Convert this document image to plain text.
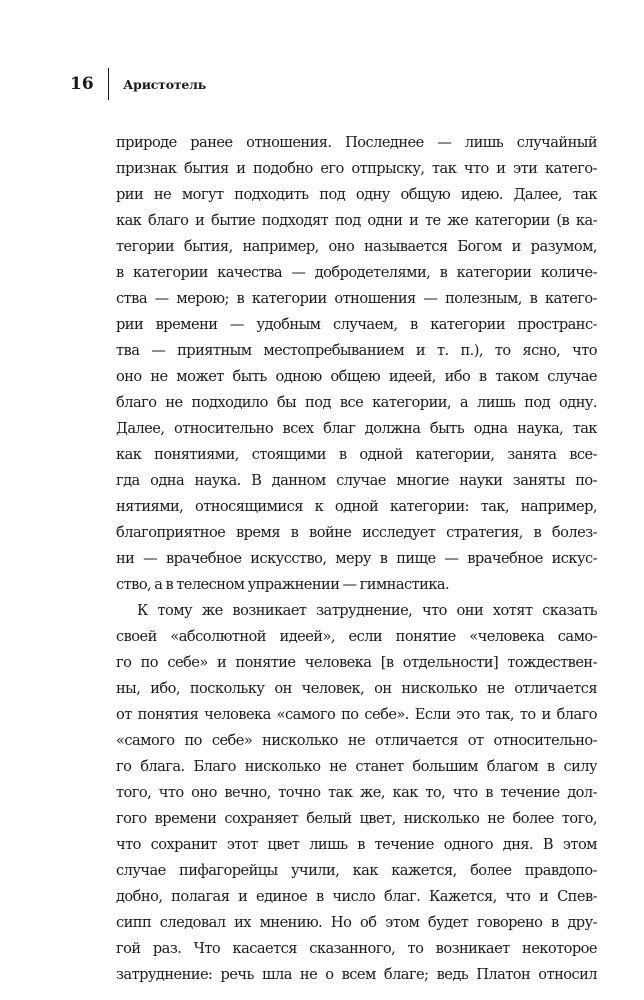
16 Аристотель
природе ранее отношения. Последнее — лишь случайный
признак бытия и подобно его отпрыску, так что и эти катего-
рии не могут подходить под одну общую идею. Далее, так
как благо и бытие подходят под одни и те же категории (в ка-
тегории бытия, например, оно называется Богом и разумом,
в категории качества — добродетелями, в категории количе-
ства — мерою; в категории отношения — полезным, в катего-
рии времени — удобным случаем, в категории пространс-
тва — приятным местопребыванием и т. п.), то ясно, что
оно не может быть одною общею идеей, ибо в таком случае
благо не подходило бы под все категории, а лишь под одну.
Далее, относительно всех благ должна быть одна наука, так
как понятиями, стоящими в одной категории, занята все-
гда одна наука. В данном случае многие науки заняты по-
нятиями, относящимися к одной категории: так, например,
благоприятное время в войне исследует стратегия, в болез-
ни — врачебное искусство, меру в пище — врачебное искус-
ство, а в телесном упражнении — гимнастика.
К тому же возникает затруднение, что они хотят сказать
своей «абсолютной идеей», если понятие «человека само-
го по себе» и понятие человека [в отдельности] тождествен-
ны, ибо, поскольку он человек, он нисколько не отличается
от понятия человека «самого по себе». Если это так, то и благо
«самого по себе» нисколько не отличается от относительно-
го блага. Благо нисколько не станет большим благом в силу
того, что оно вечно, точно так же, как то, что в течение дол-
гого времени сохраняет белый цвет, нисколько не более того,
что сохранит этот цвет лишь в течение одного дня. В этом
случае пифагорейцы учили, как кажется, более правдопо-
добно, полагая и единое в число благ. Кажется, что и Спев-
сипп следовал их мнению. Но об этом будет говорено в дру-
гой раз. Что касается сказанного, то возникает некоторое
затруднение: речь шла не о всем благе; ведь Платон относил
